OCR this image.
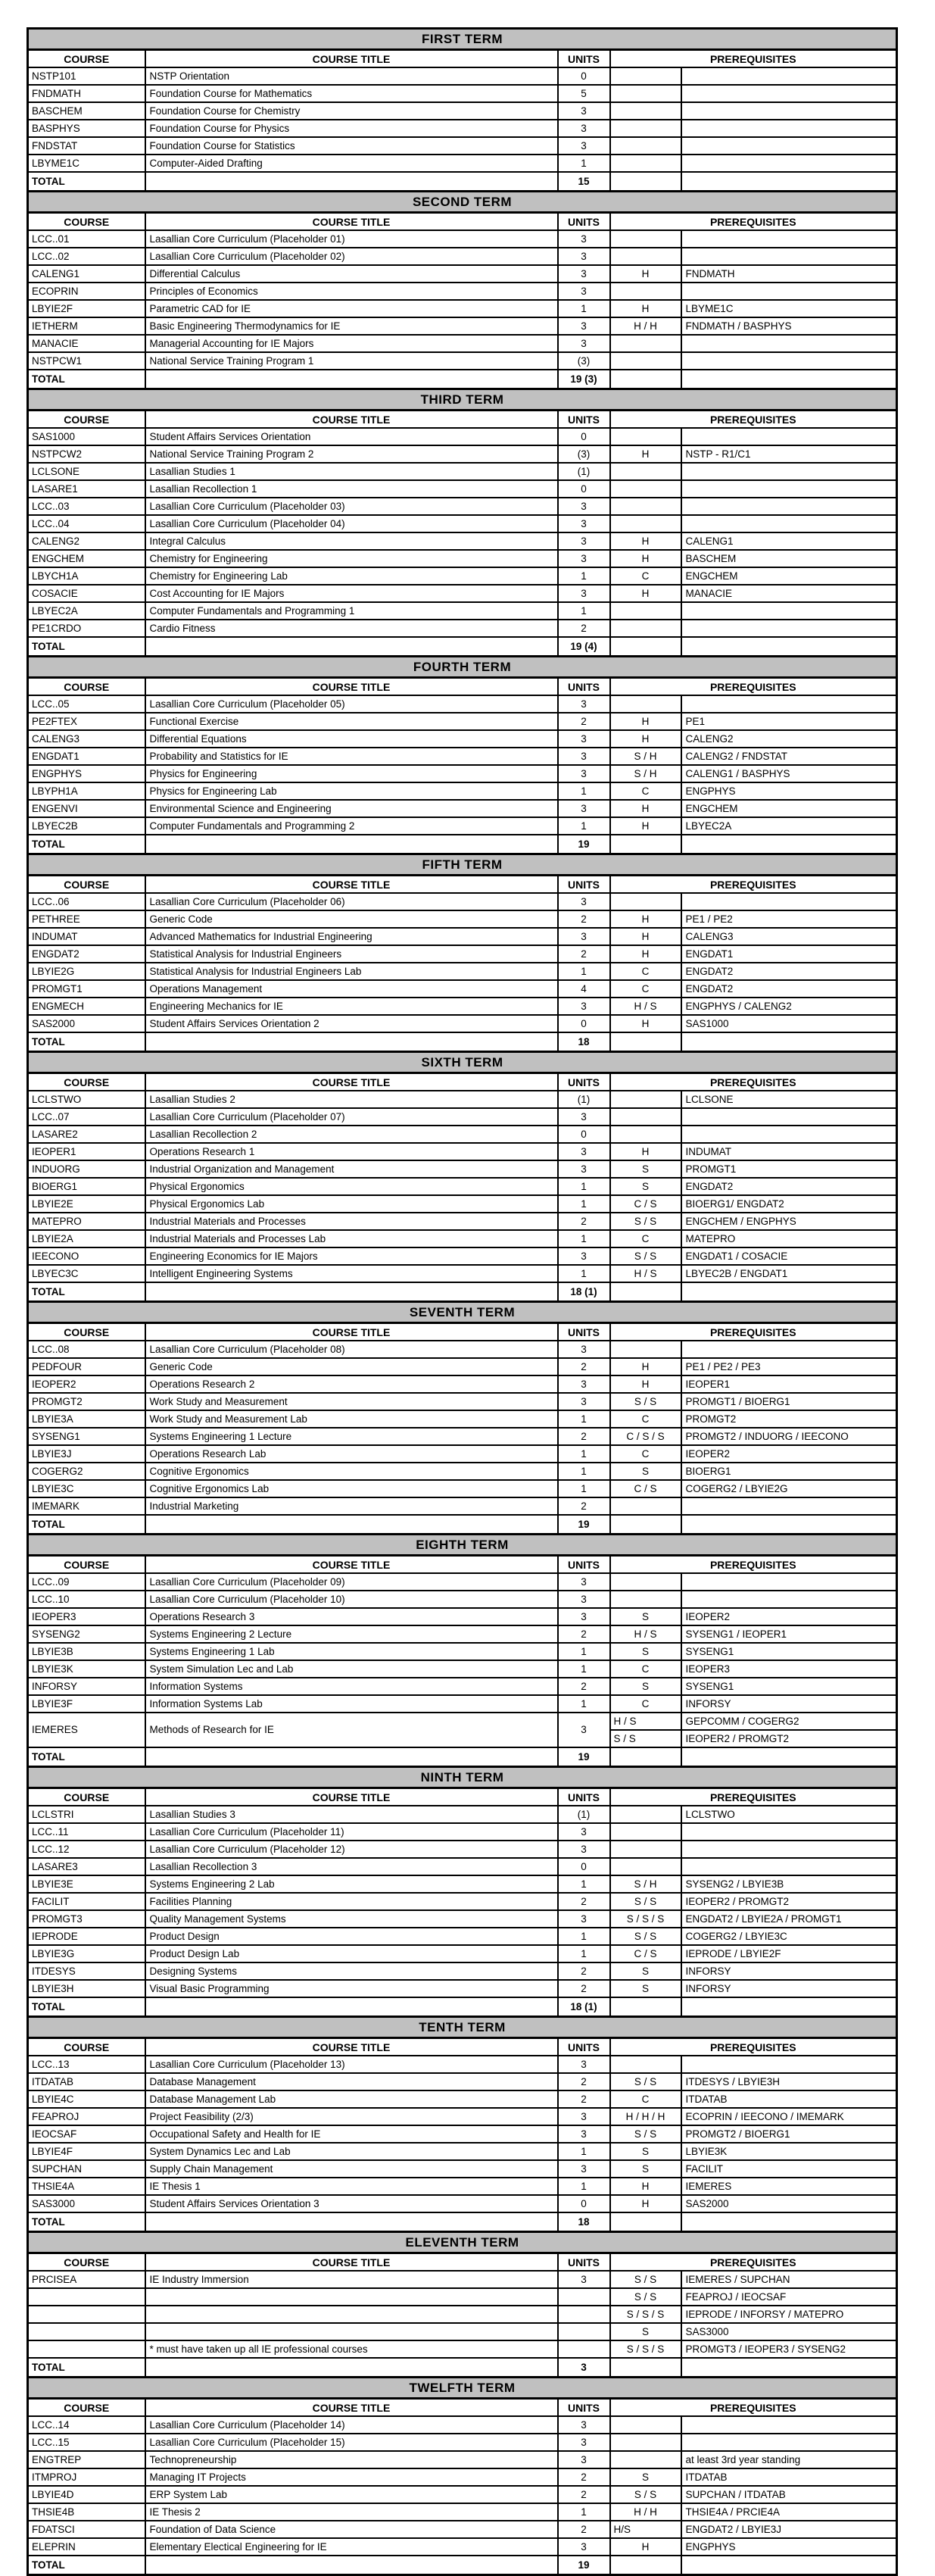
FIRST TERM				
COURSE	COURSE TITLE	UNITS	PREREQUISITES	
NSTP101	NSTP Orientation	0		
FNDMATH	Foundation Course for Mathematics	5		
BASCHEM	Foundation Course for Chemistry	3		
BASPHYS	Foundation Course for Physics	3		
FNDSTAT	Foundation Course for Statistics	3		
LBYME1C	Computer-Aided Drafting	1		
TOTAL		15		
SECOND TERM				
COURSE	COURSE TITLE	UNITS	PREREQUISITES	
LCC..01	Lasallian Core Curriculum (Placeholder 01)	3		
LCC..02	Lasallian Core Curriculum (Placeholder 02)	3		
CALENG1	Differential Calculus	3	H	FNDMATH
ECOPRIN	Principles of Economics	3		
LBYIE2F	Parametric CAD for IE	1	H	LBYME1C
IETHERM	Basic Engineering Thermodynamics for IE	3	H / H	FNDMATH / BASPHYS
MANACIE	Managerial Accounting for IE Majors	3		
NSTPCW1	National Service Training Program 1	(3)		
TOTAL		19 (3)		
THIRD TERM				
COURSE	COURSE TITLE	UNITS	PREREQUISITES	
SAS1000	Student Affairs Services Orientation	0		
NSTPCW2	National Service Training Program 2	(3)	H	NSTP - R1/C1
LCLSONE	Lasallian Studies 1	(1)		
LASARE1	Lasallian Recollection 1	0		
LCC..03	Lasallian Core Curriculum (Placeholder 03)	3		
LCC..04	Lasallian Core Curriculum (Placeholder 04)	3		
CALENG2	Integral Calculus	3	H	CALENG1
ENGCHEM	Chemistry for Engineering	3	H	BASCHEM
LBYCH1A	Chemistry for Engineering Lab	1	C	ENGCHEM
COSACIE	Cost Accounting for IE Majors	3	H	MANACIE
LBYEC2A	Computer Fundamentals and Programming 1	1		
PE1CRDO	Cardio Fitness	2		
TOTAL		19 (4)		
FOURTH TERM				
COURSE	COURSE TITLE	UNITS	PREREQUISITES	
LCC..05	Lasallian Core Curriculum (Placeholder 05)	3		
PE2FTEX	Functional Exercise	2	H	PE1
CALENG3	Differential Equations	3	H	CALENG2
ENGDAT1	Probability and Statistics for IE	3	S / H	CALENG2 / FNDSTAT
ENGPHYS	Physics for Engineering	3	S / H	CALENG1 / BASPHYS
LBYPH1A	Physics for Engineering Lab	1	C	ENGPHYS
ENGENVI	Environmental Science and Engineering	3	H	ENGCHEM
LBYEC2B	Computer Fundamentals and Programming 2	1	H	LBYEC2A
TOTAL		19		
FIFTH TERM				
COURSE	COURSE TITLE	UNITS	PREREQUISITES	
LCC..06	Lasallian Core Curriculum (Placeholder 06)	3		
PETHREE	Generic Code	2	H	PE1 / PE2
INDUMAT	Advanced Mathematics for Industrial Engineering	3	H	CALENG3
ENGDAT2	Statistical Analysis for Industrial Engineers	2	H	ENGDAT1
LBYIE2G	Statistical Analysis for Industrial Engineers Lab	1	C	ENGDAT2
PROMGT1	Operations Management	4	C	ENGDAT2
ENGMECH	Engineering Mechanics for IE	3	H / S	ENGPHYS / CALENG2
SAS2000	Student Affairs Services Orientation 2	0	H	SAS1000
TOTAL		18		
SIXTH TERM				
COURSE	COURSE TITLE	UNITS	PREREQUISITES	
LCLSTWO	Lasallian Studies 2	(1)		LCLSONE
LCC..07	Lasallian Core Curriculum (Placeholder 07)	3		
LASARE2	Lasallian Recollection 2	0		
IEOPER1	Operations Research 1	3	H	INDUMAT
INDUORG	Industrial Organization and Management	3	S	PROMGT1
BIOERG1	Physical Ergonomics	1	S	ENGDAT2
LBYIE2E	Physical Ergonomics Lab	1	C / S	BIOERG1/ ENGDAT2
MATEPRO	Industrial Materials and Processes	2	S / S	ENGCHEM / ENGPHYS
LBYIE2A	Industrial Materials and Processes Lab	1	C	MATEPRO
IEECONO	Engineering Economics for IE Majors	3	S / S	ENGDAT1 / COSACIE
LBYEC3C	Intelligent Engineering Systems	1	H / S	LBYEC2B / ENGDAT1
TOTAL		18 (1)		
SEVENTH TERM				
COURSE	COURSE TITLE	UNITS	PREREQUISITES	
LCC..08	Lasallian Core Curriculum (Placeholder 08)	3		
PEDFOUR	Generic Code	2	H	PE1 / PE2 / PE3
IEOPER2	Operations Research 2	3	H	IEOPER1
PROMGT2	Work Study and Measurement	3	S / S	PROMGT1 / BIOERG1
LBYIE3A	Work Study and Measurement Lab	1	C	PROMGT2
SYSENG1	Systems Engineering 1 Lecture	2	C / S / S	PROMGT2 / INDUORG / IEECONO
LBYIE3J	Operations Research Lab	1	C	IEOPER2
COGERG2	Cognitive Ergonomics	1	S	BIOERG1
LBYIE3C	Cognitive Ergonomics Lab	1	C / S	COGERG2 / LBYIE2G
IMEMARK	Industrial Marketing	2		
TOTAL		19		
EIGHTH TERM				
COURSE	COURSE TITLE	UNITS	PREREQUISITES	
LCC..09	Lasallian Core Curriculum (Placeholder 09)	3		
LCC..10	Lasallian Core Curriculum (Placeholder 10)	3		
IEOPER3	Operations Research 3	3	S	IEOPER2
SYSENG2	Systems Engineering 2 Lecture	2	H / S	SYSENG1 / IEOPER1
LBYIE3B	Systems Engineering 1 Lab	1	S	SYSENG1
LBYIE3K	System Simulation Lec and Lab	1	C	IEOPER3
INFORSY	Information Systems	2	S	SYSENG1
LBYIE3F	Information Systems Lab	1	C	INFORSY
IEMERES	Methods of Research for IE	3	H / S	GEPCOMM / COGERG2
			S / S	IEOPER2 / PROMGT2
TOTAL		19		
NINTH TERM				
COURSE	COURSE TITLE	UNITS	PREREQUISITES	
LCLSTRI	Lasallian Studies 3	(1)		LCLSTWO
LCC..11	Lasallian Core Curriculum (Placeholder 11)	3		
LCC..12	Lasallian Core Curriculum (Placeholder 12)	3		
LASARE3	Lasallian Recollection 3	0		
LBYIE3E	Systems Engineering 2 Lab	1	S / H	SYSENG2 / LBYIE3B
FACILIT	Facilities Planning	2	S / S	IEOPER2 / PROMGT2
PROMGT3	Quality Management Systems	3	S / S / S	ENGDAT2 / LBYIE2A / PROMGT1
IEPRODE	Product Design	1	S / S	COGERG2 / LBYIE3C
LBYIE3G	Product Design Lab	1	C / S	IEPRODE / LBYIE2F
ITDESYS	Designing Systems	2	S	INFORSY
LBYIE3H	Visual Basic Programming	2	S	INFORSY
TOTAL		18 (1)		
TENTH TERM				
COURSE	COURSE TITLE	UNITS	PREREQUISITES	
LCC..13	Lasallian Core Curriculum (Placeholder 13)	3		
ITDATAB	Database Management	2	S / S	ITDESYS / LBYIE3H
LBYIE4C	Database Management Lab	2	C	ITDATAB
FEAPROJ	Project Feasibility (2/3)	3	H / H / H	ECOPRIN / IEECONO / IMEMARK
IEOCSAF	Occupational Safety and Health for IE	3	S / S	PROMGT2 / BIOERG1
LBYIE4F	System Dynamics Lec and Lab	1	S	LBYIE3K
SUPCHAN	Supply Chain Management	3	S	FACILIT
THSIE4A	IE Thesis 1	1	H	IEMERES
SAS3000	Student Affairs Services Orientation 3	0	H	SAS2000
TOTAL		18		
ELEVENTH TERM				
COURSE	COURSE TITLE	UNITS	PREREQUISITES	
PRCISEA	IE Industry Immersion	3	S / S	IEMERES / SUPCHAN
			S / S	FEAPROJ / IEOCSAF
			S / S / S	IEPRODE / INFORSY / MATEPRO
			S	SAS3000
	* must have taken up all IE professional courses		S / S / S	PROMGT3 / IEOPER3 / SYSENG2
TOTAL		3		
TWELFTH TERM				
COURSE	COURSE TITLE	UNITS	PREREQUISITES	
LCC..14	Lasallian Core Curriculum (Placeholder 14)	3		
LCC..15	Lasallian Core Curriculum (Placeholder 15)	3		
ENGTREP	Technopreneurship	3		at least 3rd year standing
ITMPROJ	Managing IT Projects	2	S	ITDATAB
LBYIE4D	ERP System Lab	2	S / S	SUPCHAN / ITDATAB
THSIE4B	IE Thesis 2	1	H / H	THSIE4A / PRCIE4A
FDATSCI	Foundation of Data Science	2	H/S	ENGDAT2 / LBYIE3J
ELEPRIN	Elementary Electical Engineering for IE	3	H	ENGPHYS
TOTAL		19		
